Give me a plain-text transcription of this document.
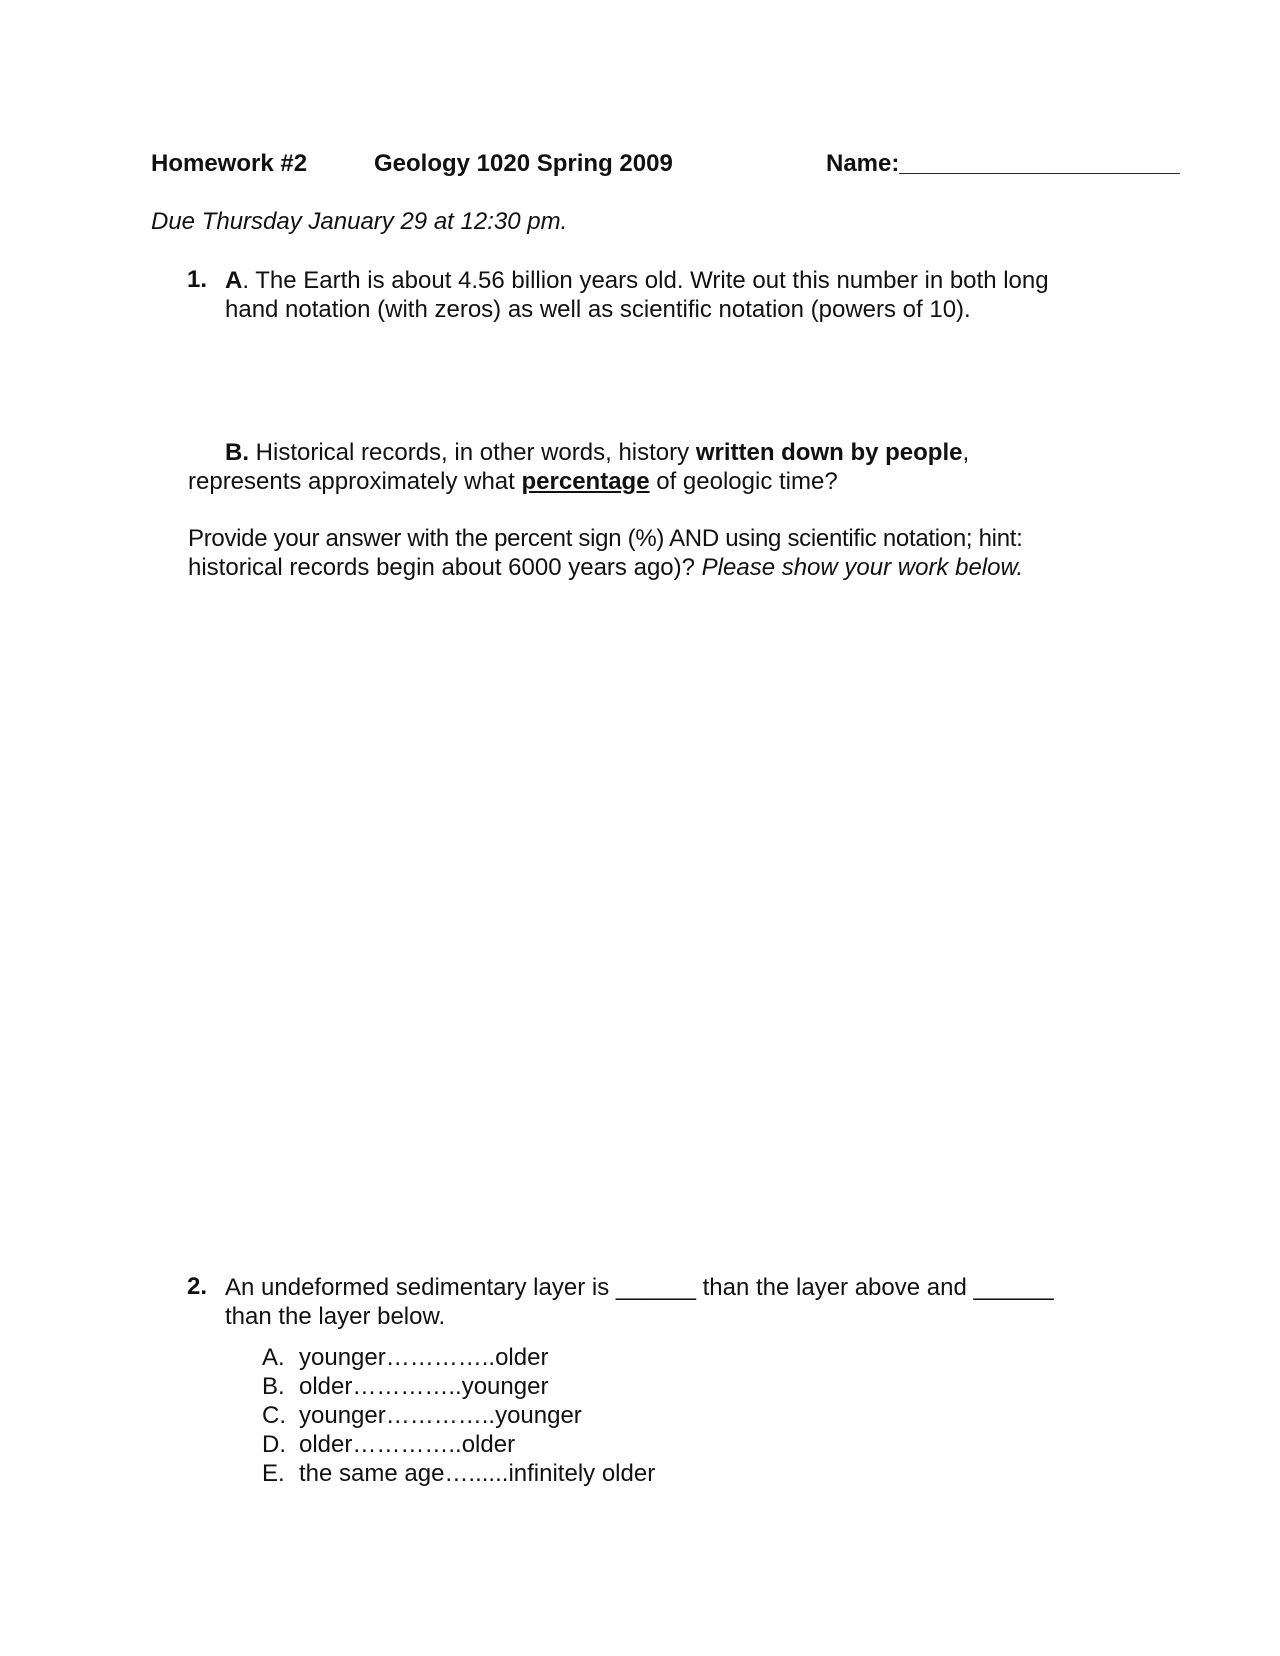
Homework #2	Geology 1020 Spring 2009	Name:_____________________
Due Thursday January 29 at 12:30 pm.
1. A. The Earth is about 4.56 billion years old. Write out this number in both long
hand notation (with zeros) as well as scientific notation (powers of 10).
B. Historical records, in other words, history written down by people,
represents approximately what percentage of geologic time?
Provide your answer with the percent sign (%) AND using scientific notation; hint:
historical records begin about 6000 years ago)? Please show your work below.
2. An undeformed sedimentary layer is ______ than the layer above and ______
than the layer below.
A. younger…………..older
B. older…………..younger
C. younger…………..younger
D. older…………..older
E. the same age…......infinitely older
